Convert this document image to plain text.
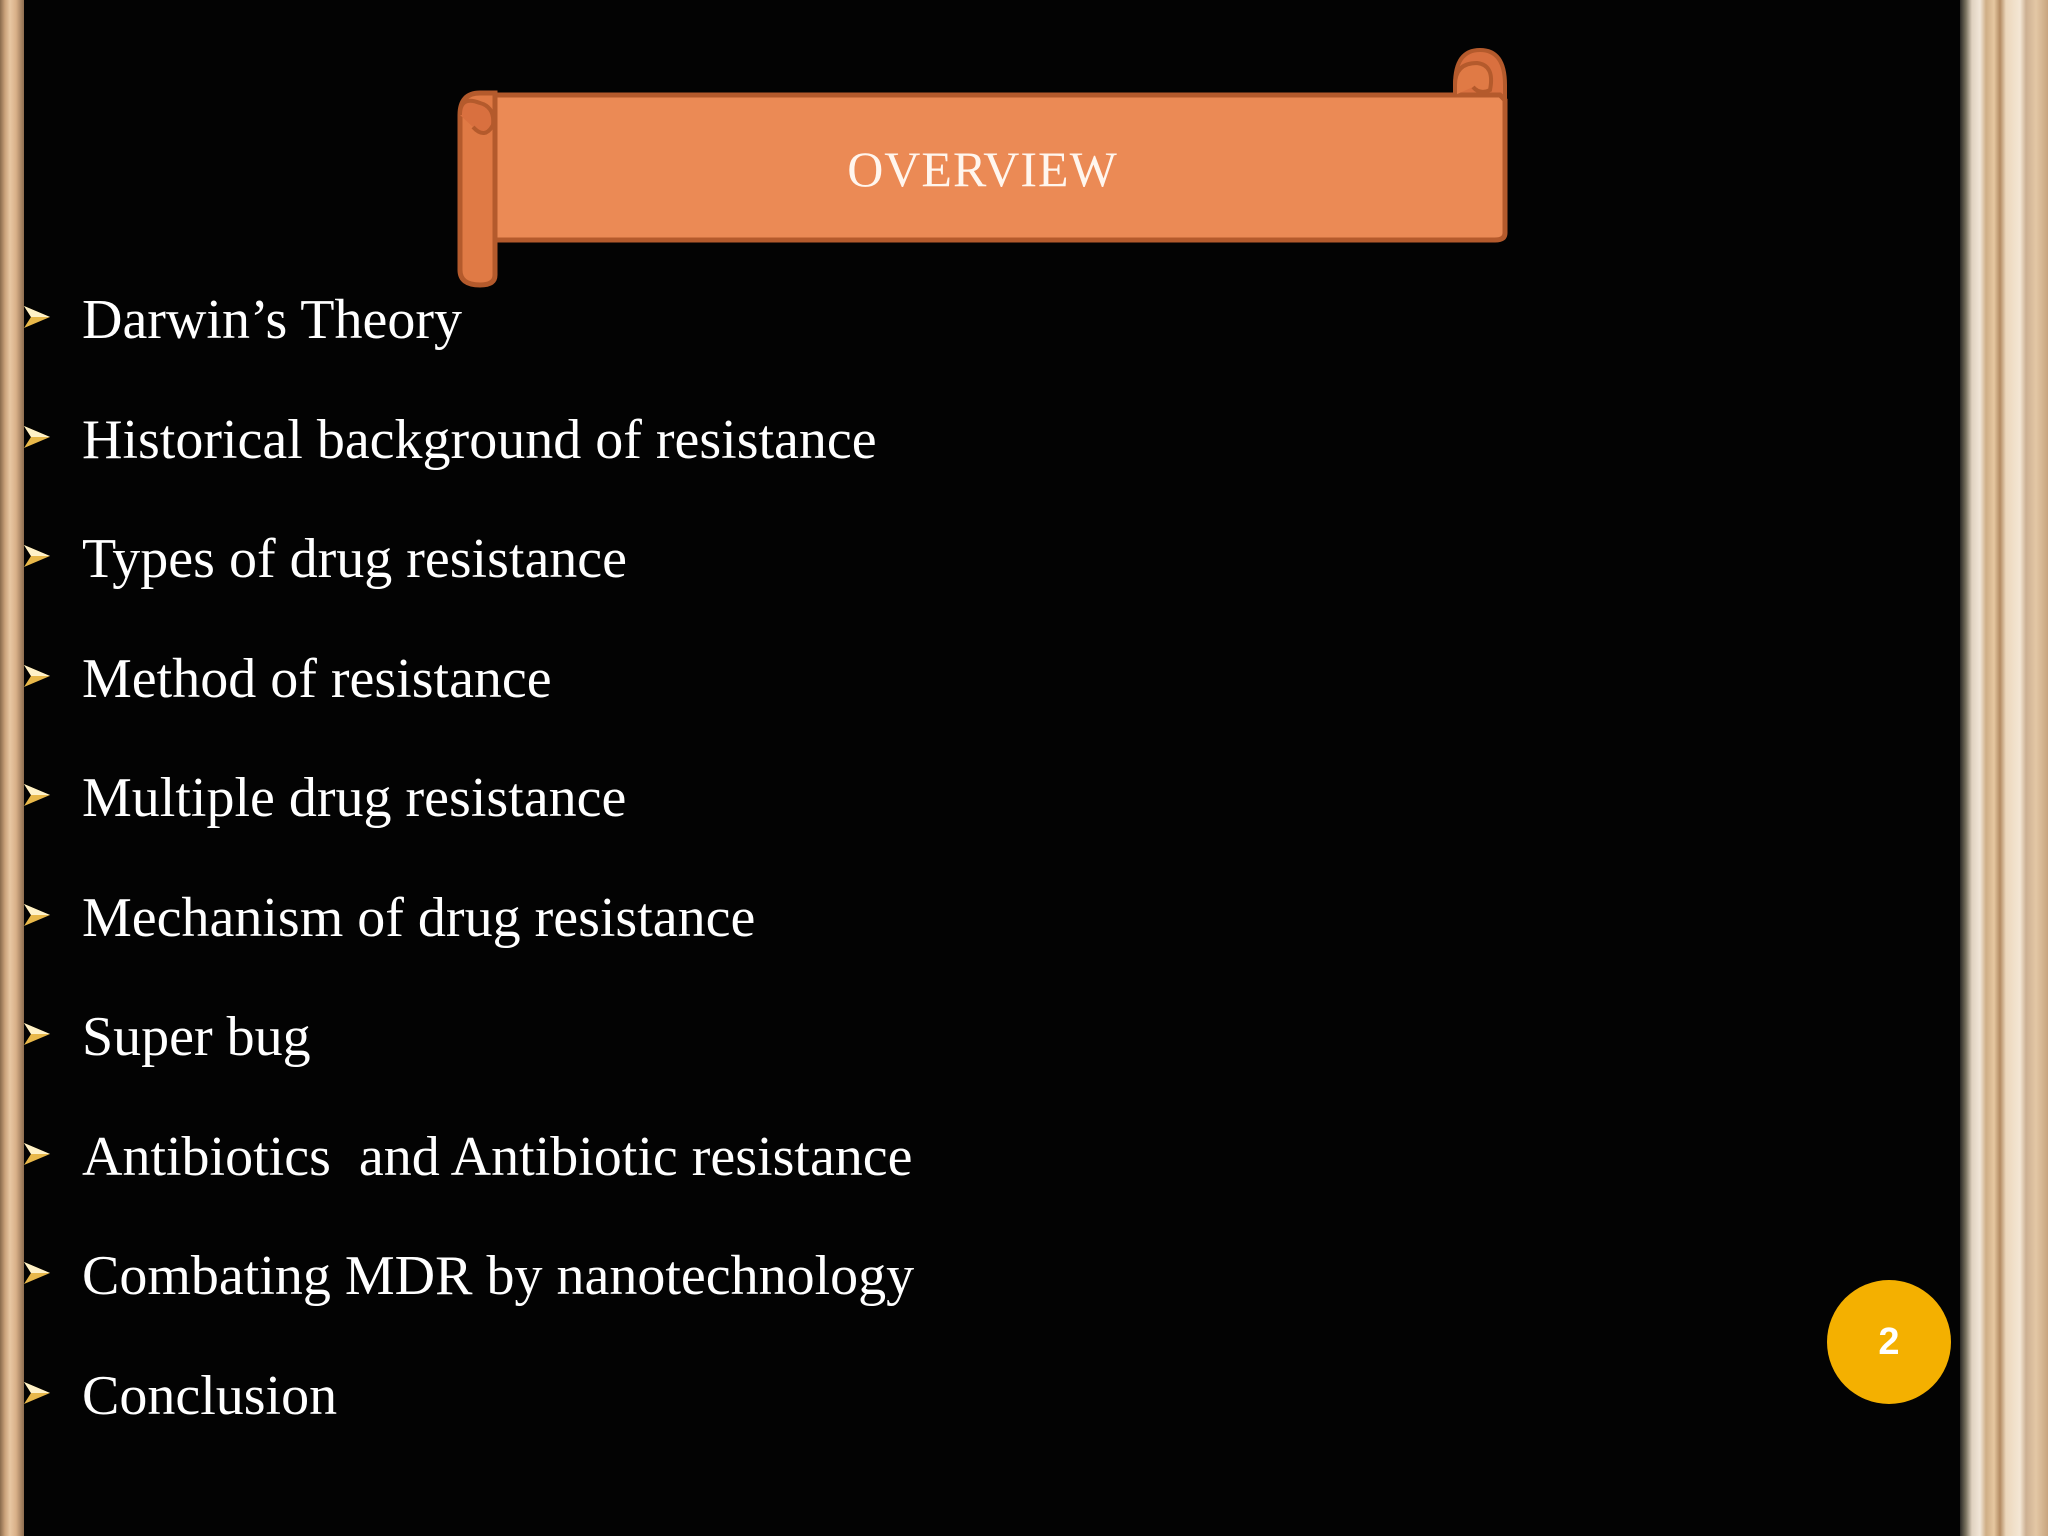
OVERVIEW
Darwin’s Theory
Historical background of resistance
Types of drug resistance
Method of resistance
Multiple drug resistance
Mechanism of drug resistance
Super bug
Antibiotics  and Antibiotic resistance
Combating MDR by nanotechnology
Conclusion
2
